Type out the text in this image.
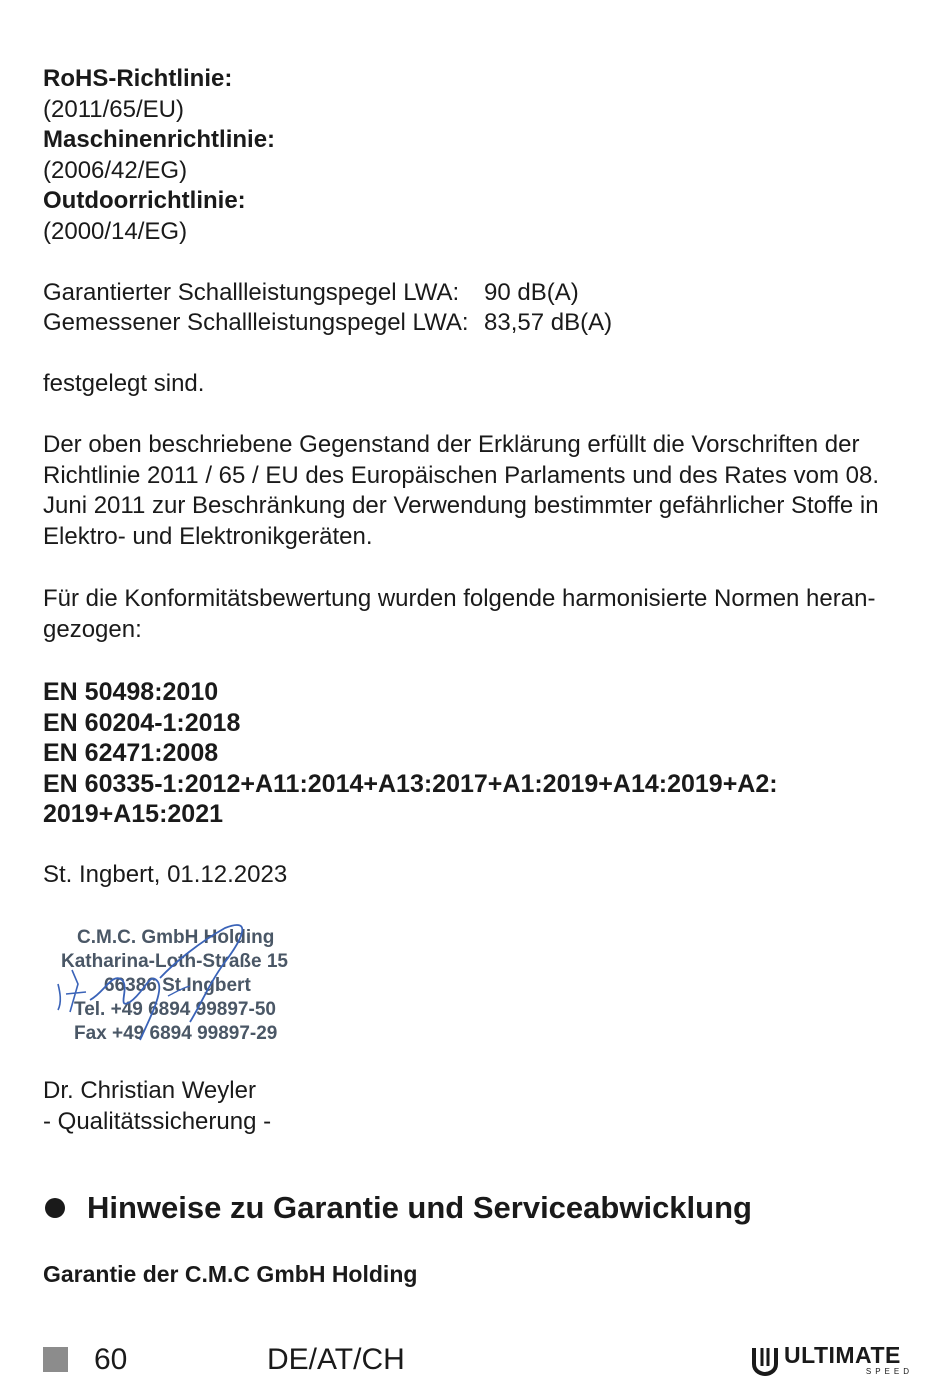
RoHS-Richtlinie:
(2011/65/EU)
Maschinenrichtlinie:
(2006/42/EG)
Outdoorrichtlinie:
(2000/14/EG)
Garantierter Schallleistungspegel LWA:	90 dB(A)
Gemessener Schallleistungspegel LWA: 83,57 dB(A)
festgelegt sind.
Der oben beschriebene Gegenstand der Erklärung erfüllt die Vorschriften der
Richtlinie 2011 / 65 / EU des Europäischen Parlaments und des Rates vom 08.
Juni 2011 zur Beschränkung der Verwendung bestimmter gefährlicher Stoffe in
Elektro- und Elektronikgeräten.
Für die Konformitätsbewertung wurden folgende harmonisierte Normen heran-
gezogen:
EN 50498:2010
EN 60204-1:2018
EN 62471:2008
EN 60335-1:2012+A11:2014+A13:2017+A1:2019+A14:2019+A2:
2019+A15:2021
St. Ingbert, 01.12.2023
C.M.C. GmbH Holding
Katharina-Loth-Straße 15
66386 St.Ingbert
Tel. +49 6894 99897-50
Fax +49 6894 99897-29
Dr. Christian Weyler
- Qualitätssicherung -
Hinweise zu Garantie und Serviceabwicklung
Garantie der C.M.C GmbH Holding
60	DE/AT/CH	ULTIMATE
SPEED
